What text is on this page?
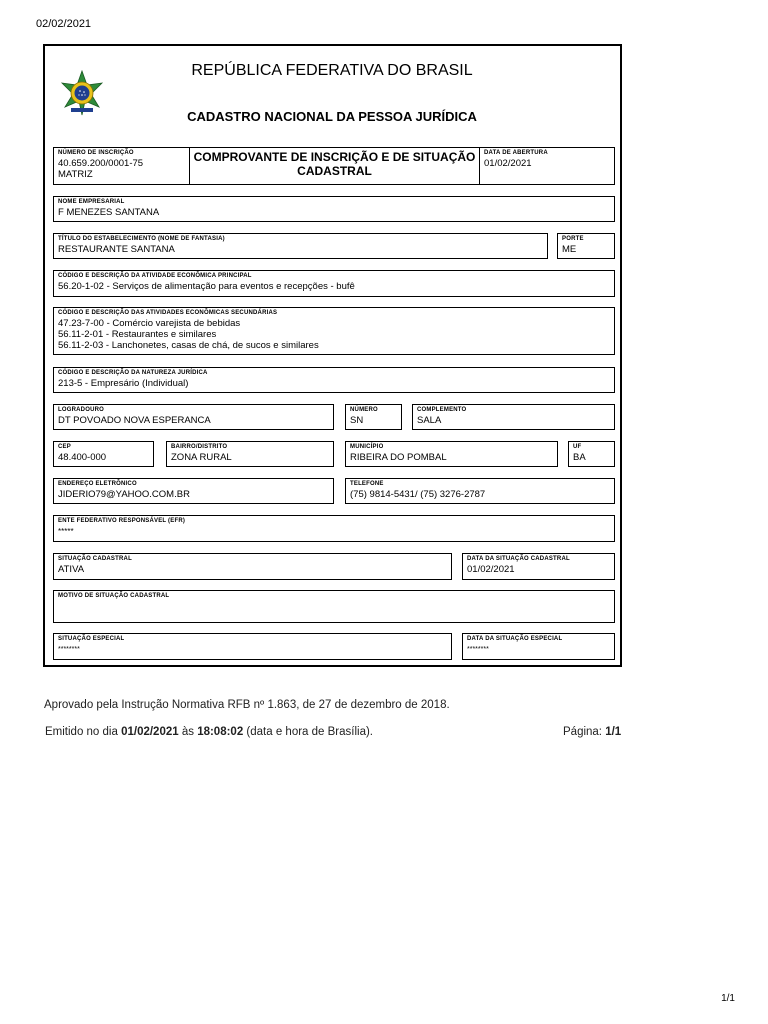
02/02/2021
1/1
REPÚBLICA FEDERATIVA DO BRASIL
CADASTRO NACIONAL DA PESSOA JURÍDICA
NÚMERO DE INSCRIÇÃO
40.659.200/0001-75
MATRIZ
COMPROVANTE DE INSCRIÇÃO E DE SITUAÇÃO
CADASTRAL
DATA DE ABERTURA
01/02/2021
NOME EMPRESARIAL
F MENEZES SANTANA
TÍTULO DO ESTABELECIMENTO (NOME DE FANTASIA)
RESTAURANTE SANTANA
PORTE
ME
CÓDIGO E DESCRIÇÃO DA ATIVIDADE ECONÔMICA PRINCIPAL
56.20-1-02 - Serviços de alimentação para eventos e recepções - bufê
CÓDIGO E DESCRIÇÃO DAS ATIVIDADES ECONÔMICAS SECUNDÁRIAS
47.23-7-00 - Comércio varejista de bebidas
56.11-2-01 - Restaurantes e similares
56.11-2-03 - Lanchonetes, casas de chá, de sucos e similares
CÓDIGO E DESCRIÇÃO DA NATUREZA JURÍDICA
213-5 - Empresário (Individual)
LOGRADOURO
DT POVOADO NOVA ESPERANCA
NÚMERO
SN
COMPLEMENTO
SALA
CEP
48.400-000
BAIRRO/DISTRITO
ZONA RURAL
MUNICÍPIO
RIBEIRA DO POMBAL
UF
BA
ENDEREÇO ELETRÔNICO
JIDERIO79@YAHOO.COM.BR
TELEFONE
(75) 9814-5431/ (75) 3276-2787
ENTE FEDERATIVO RESPONSÁVEL (EFR)
*****
SITUAÇÃO CADASTRAL
ATIVA
DATA DA SITUAÇÃO CADASTRAL
01/02/2021
MOTIVO DE SITUAÇÃO CADASTRAL
SITUAÇÃO ESPECIAL
********
DATA DA SITUAÇÃO ESPECIAL
********
Aprovado pela Instrução Normativa RFB nº 1.863, de 27 de dezembro de 2018.
Emitido no dia 01/02/2021 às 18:08:02 (data e hora de Brasília).	Página: 1/1
